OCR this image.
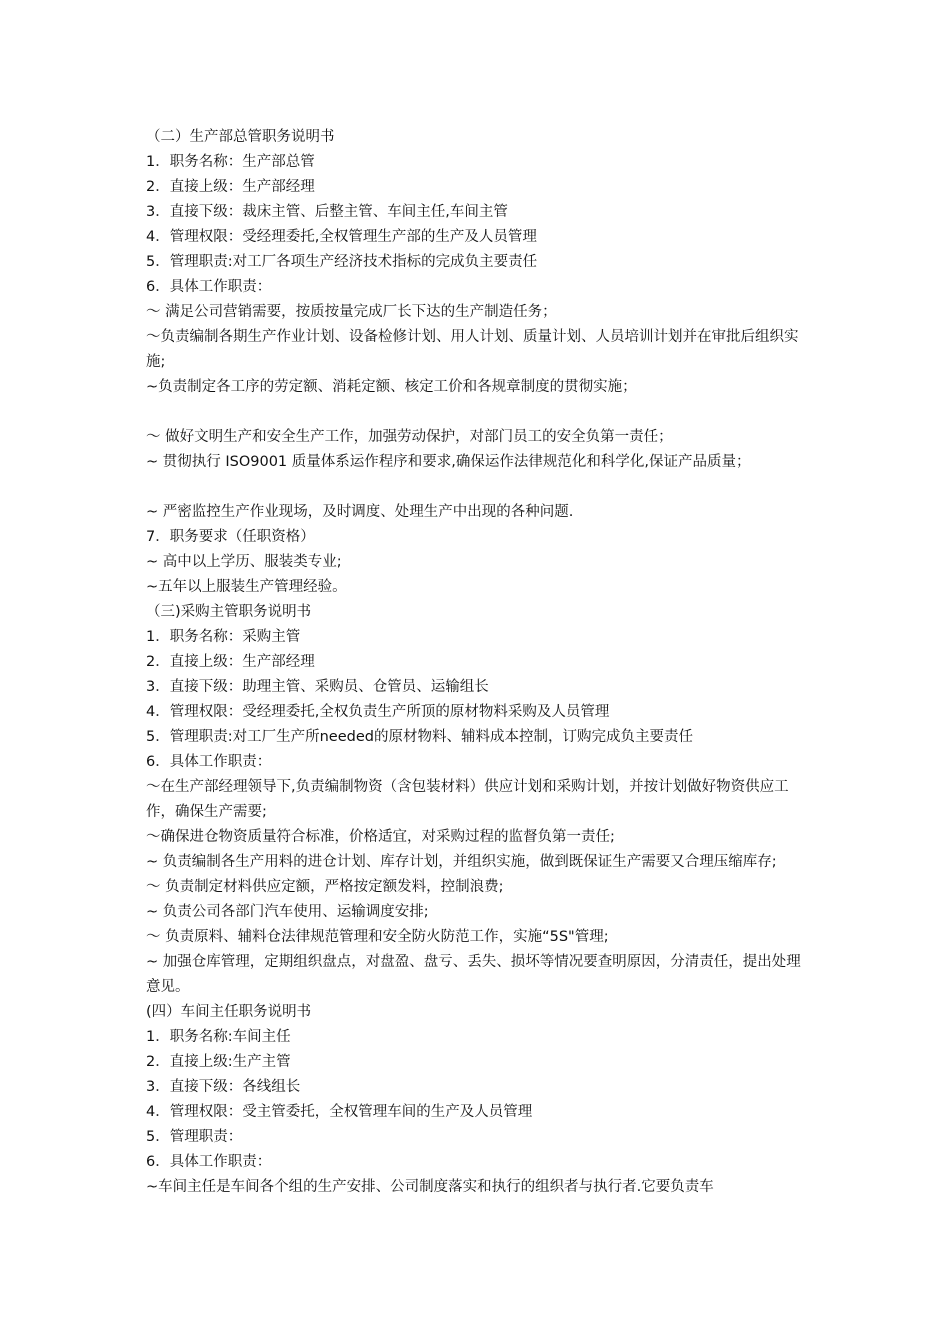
（二）生产部总管职务说明书
1．职务名称：生产部总管
2．直接上级：生产部经理
3．直接下级：裁床主管、后整主管、车间主任,车间主管
4．管理权限：受经理委托,全权管理生产部的生产及人员管理
5．管理职责:对工厂各项生产经济技术指标的完成负主要责任
6．具体工作职责：
～ 满足公司营销需要，按质按量完成厂长下达的生产制造任务；
～负责编制各期生产作业计划、设备检修计划、用人计划、质量计划、人员培训计划并在审批后组织实施;
~负责制定各工序的劳定额、消耗定额、核定工价和各规章制度的贯彻实施；
～ 做好文明生产和安全生产工作，加强劳动保护，对部门员工的安全负第一责任；
~ 贯彻执行 ISO9001 质量体系运作程序和要求,确保运作法律规范化和科学化,保证产品质量；
~ 严密监控生产作业现场，及时调度、处理生产中出现的各种问题.
7．职务要求（任职资格）
~ 高中以上学历、服装类专业;
~五年以上服装生产管理经验。
（三)采购主管职务说明书
1．职务名称：采购主管
2．直接上级：生产部经理
3．直接下级：助理主管、采购员、仓管员、运输组长
4．管理权限：受经理委托,全权负责生产所顶的原材物料采购及人员管理
5．管理职责:对工厂生产所needed的原材物料、辅料成本控制，订购完成负主要责任
6．具体工作职责：
～在生产部经理领导下,负责编制物资（含包装材料）供应计划和采购计划，并按计划做好物资供应工作，确保生产需要;
～确保进仓物资质量符合标准，价格适宜，对采购过程的监督负第一责任;
~ 负责编制各生产用料的进仓计划、库存计划，并组织实施，做到既保证生产需要又合理压缩库存;
～ 负责制定材料供应定额，严格按定额发料，控制浪费;
~ 负责公司各部门汽车使用、运输调度安排;
～ 负责原料、辅料仓法律规范管理和安全防火防范工作，实施“5S"管理;
~ 加强仓库管理，定期组织盘点，对盘盈、盘亏、丢失、损坏等情况要查明原因，分清责任，提出处理意见。
(四）车间主任职务说明书
1．职务名称:车间主任
2．直接上级:生产主管
3．直接下级：各线组长
4．管理权限：受主管委托，全权管理车间的生产及人员管理
5．管理职责：
6．具体工作职责：
~车间主任是车间各个组的生产安排、公司制度落实和执行的组织者与执行者.它要负责车
